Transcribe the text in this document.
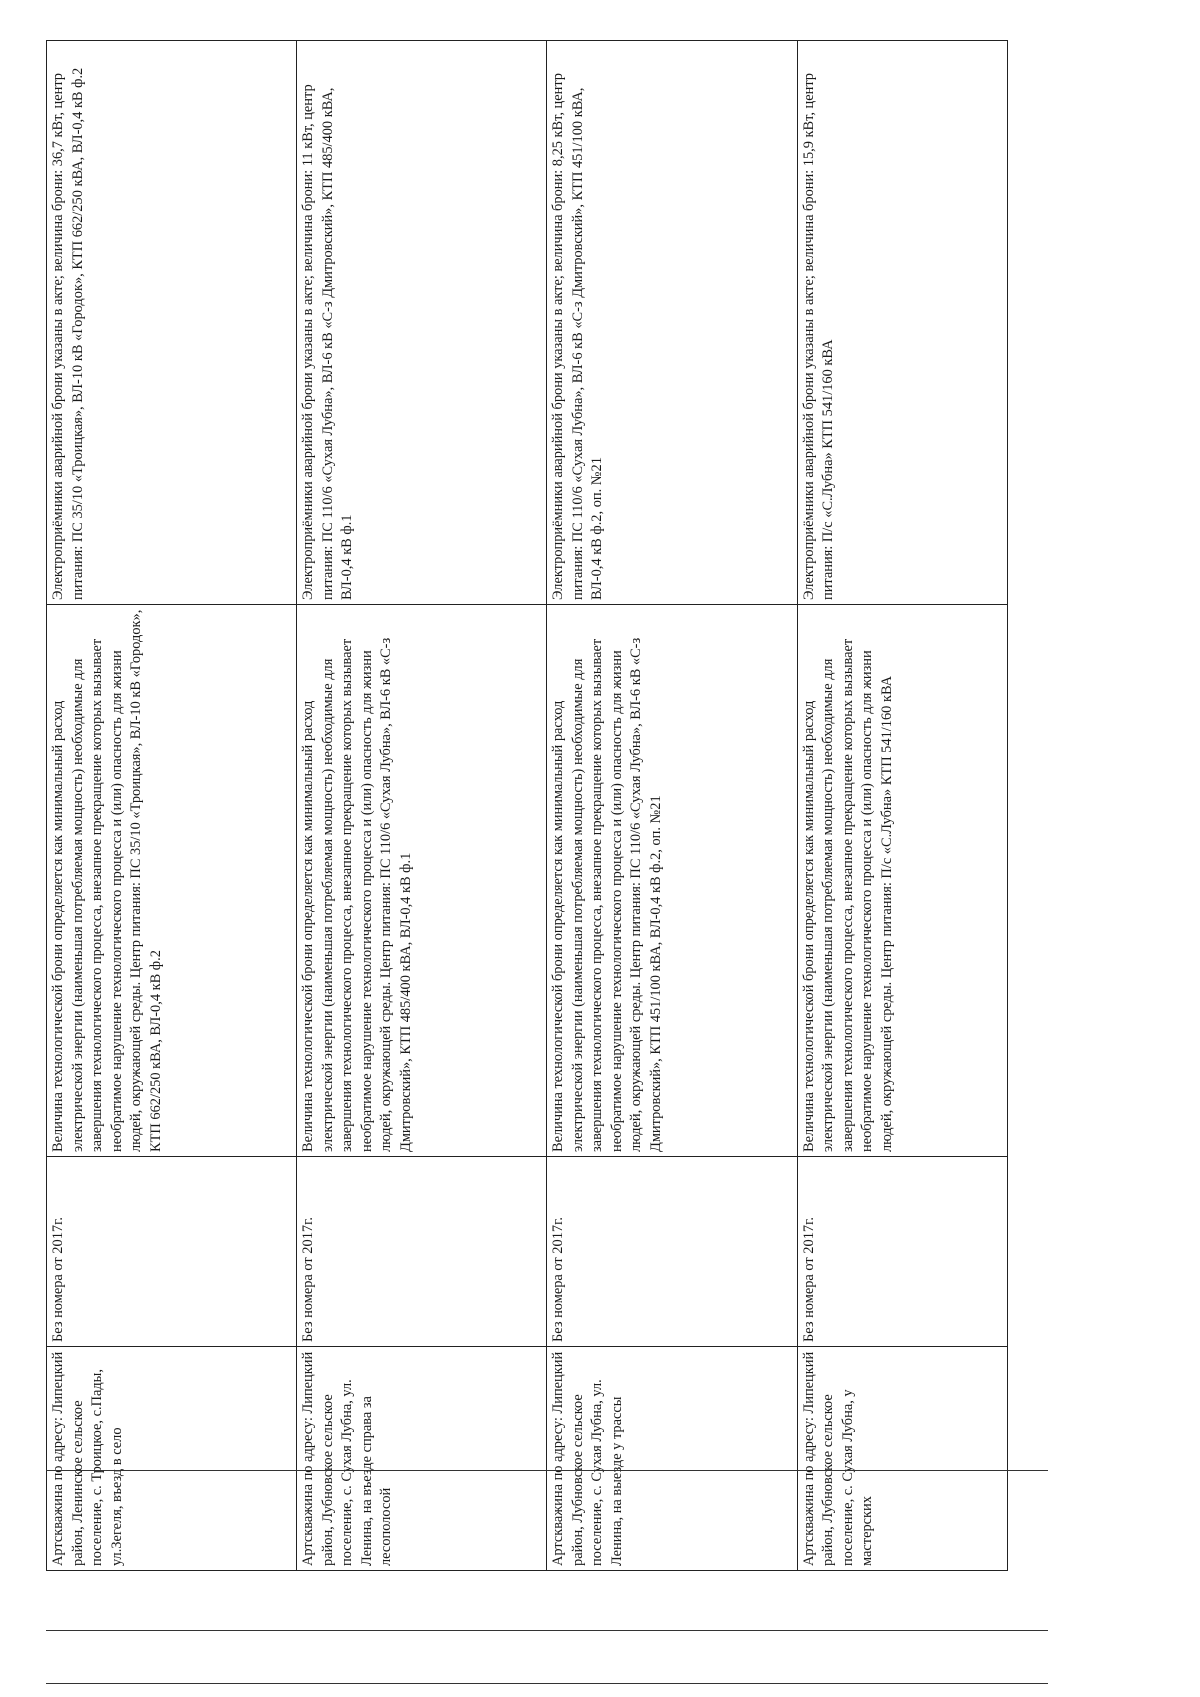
Артскважина по адресу: Липецкий район, Ленинское сельское поселение, с. Троицкое, с.Пады, ул.Зегеля, въезд в село	Без номера от 2017г.	Величина технологической брони определяется как минимальный расход электрической энергии (наименьшая потребляемая мощность) необходимые для завершения технологического процесса, внезапное прекращение которых вызывает необратимое нарушение технологического процесса и (или) опасность для жизни людей, окружающей среды. Центр питания: ПС 35/10 «Троицкая», ВЛ-10 кВ «Городок», КТП 662/250 кВА, ВЛ-0,4 кВ ф.2	Электроприёмники аварийной брони указаны в акте; величина брони: 36,7 кВт, центр питания: ПС 35/10 «Троицкая», ВЛ-10 кВ «Городок», КТП 662/250 кВА, ВЛ-0,4 кВ ф.2
Артскважина по адресу: Липецкий район, Лубновское сельское поселение, с. Сухая Лубна, ул. Ленина, на въезде справа за лесополосой	Без номера от 2017г.	Величина технологической брони определяется как минимальный расход электрической энергии (наименьшая потребляемая мощность) необходимые для завершения технологического процесса, внезапное прекращение которых вызывает необратимое нарушение технологического процесса и (или) опасность для жизни людей, окружающей среды. Центр питания: ПС 110/6 «Сухая Лубна», ВЛ-6 кВ «С-з Дмитровский», КТП 485/400 кВА, ВЛ-0,4 кВ ф.1	Электроприёмники аварийной брони указаны в акте; величина брони: 11 кВт, центр питания: ПС 110/6 «Сухая Лубна», ВЛ-6 кВ «С-з Дмитровский», КТП 485/400 кВА, ВЛ-0,4 кВ ф.1
Артскважина по адресу: Липецкий район, Лубновское сельское поселение, с. Сухая Лубна, ул. Ленина, на выезде у трассы	Без номера от 2017г.	Величина технологической брони определяется как минимальный расход электрической энергии (наименьшая потребляемая мощность) необходимые для завершения технологического процесса, внезапное прекращение которых вызывает необратимое нарушение технологического процесса и (или) опасность для жизни людей, окружающей среды. Центр питания: ПС 110/6 «Сухая Лубна», ВЛ-6 кВ «С-з Дмитровский», КТП 451/100 кВА, ВЛ-0,4 кВ ф.2, оп. №21	Электроприёмники аварийной брони указаны в акте; величина брони: 8,25 кВт, центр питания: ПС 110/6 «Сухая Лубна», ВЛ-6 кВ «С-з Дмитровский», КТП 451/100 кВА, ВЛ-0,4 кВ ф.2, оп. №21
Артскважина по адресу: Липецкий район, Лубновское сельское поселение, с. Сухая Лубна, у мастерских	Без номера от 2017г.	Величина технологической брони определяется как минимальный расход электрической энергии (наименьшая потребляемая мощность) необходимые для завершения технологического процесса, внезапное прекращение которых вызывает необратимое нарушение технологического процесса и (или) опасность для жизни людей, окружающей среды. Центр питания: П/с «С.Лубна» КТП 541/160 кВА	Электроприёмники аварийной брони указаны в акте; величина брони: 15,9 кВт, центр питания: П/с «С.Лубна» КТП 541/160 кВА
